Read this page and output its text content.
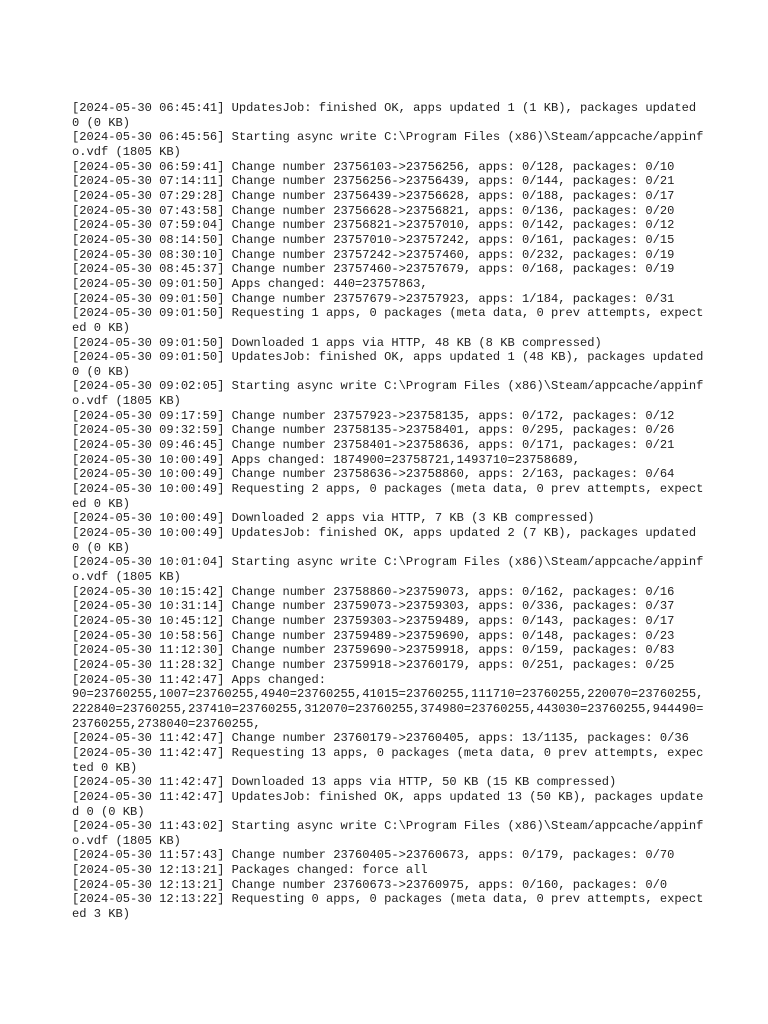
[2024-05-30 06:45:41] UpdatesJob: finished OK, apps updated 1 (1 KB), packages updated 0 (0 KB)

[2024-05-30 06:45:56] Starting async write C:\Program Files (x86)\Steam/appcache/appinfo.vdf (1805 KB)

[2024-05-30 06:59:41] Change number 23756103->23756256, apps: 0/128, packages: 0/10

[2024-05-30 07:14:11] Change number 23756256->23756439, apps: 0/144, packages: 0/21

[2024-05-30 07:29:28] Change number 23756439->23756628, apps: 0/188, packages: 0/17

[2024-05-30 07:43:58] Change number 23756628->23756821, apps: 0/136, packages: 0/20

[2024-05-30 07:59:04] Change number 23756821->23757010, apps: 0/142, packages: 0/12

[2024-05-30 08:14:50] Change number 23757010->23757242, apps: 0/161, packages: 0/15

[2024-05-30 08:30:10] Change number 23757242->23757460, apps: 0/232, packages: 0/19

[2024-05-30 08:45:37] Change number 23757460->23757679, apps: 0/168, packages: 0/19

[2024-05-30 09:01:50] Apps changed: 440=23757863,

[2024-05-30 09:01:50] Change number 23757679->23757923, apps: 1/184, packages: 0/31

[2024-05-30 09:01:50] Requesting 1 apps, 0 packages (meta data, 0 prev attempts, expected 0 KB)

[2024-05-30 09:01:50] Downloaded 1 apps via HTTP, 48 KB (8 KB compressed)

[2024-05-30 09:01:50] UpdatesJob: finished OK, apps updated 1 (48 KB), packages updated 0 (0 KB)

[2024-05-30 09:02:05] Starting async write C:\Program Files (x86)\Steam/appcache/appinfo.vdf (1805 KB)

[2024-05-30 09:17:59] Change number 23757923->23758135, apps: 0/172, packages: 0/12

[2024-05-30 09:32:59] Change number 23758135->23758401, apps: 0/295, packages: 0/26

[2024-05-30 09:46:45] Change number 23758401->23758636, apps: 0/171, packages: 0/21

[2024-05-30 10:00:49] Apps changed: 1874900=23758721,1493710=23758689,

[2024-05-30 10:00:49] Change number 23758636->23758860, apps: 2/163, packages: 0/64

[2024-05-30 10:00:49] Requesting 2 apps, 0 packages (meta data, 0 prev attempts, expected 0 KB)

[2024-05-30 10:00:49] Downloaded 2 apps via HTTP, 7 KB (3 KB compressed)

[2024-05-30 10:00:49] UpdatesJob: finished OK, apps updated 2 (7 KB), packages updated 0 (0 KB)

[2024-05-30 10:01:04] Starting async write C:\Program Files (x86)\Steam/appcache/appinfo.vdf (1805 KB)

[2024-05-30 10:15:42] Change number 23758860->23759073, apps: 0/162, packages: 0/16

[2024-05-30 10:31:14] Change number 23759073->23759303, apps: 0/336, packages: 0/37

[2024-05-30 10:45:12] Change number 23759303->23759489, apps: 0/143, packages: 0/17

[2024-05-30 10:58:56] Change number 23759489->23759690, apps: 0/148, packages: 0/23

[2024-05-30 11:12:30] Change number 23759690->23759918, apps: 0/159, packages: 0/83

[2024-05-30 11:28:32] Change number 23759918->23760179, apps: 0/251, packages: 0/25

[2024-05-30 11:42:47] Apps changed:

90=23760255,1007=23760255,4940=23760255,41015=23760255,111710=23760255,220070=23760255,222840=23760255,237410=23760255,312070=23760255,374980=23760255,443030=23760255,944490=23760255,2738040=23760255,

[2024-05-30 11:42:47] Change number 23760179->23760405, apps: 13/1135, packages: 0/36

[2024-05-30 11:42:47] Requesting 13 apps, 0 packages (meta data, 0 prev attempts, expected 0 KB)

[2024-05-30 11:42:47] Downloaded 13 apps via HTTP, 50 KB (15 KB compressed)

[2024-05-30 11:42:47] UpdatesJob: finished OK, apps updated 13 (50 KB), packages updated 0 (0 KB)

[2024-05-30 11:43:02] Starting async write C:\Program Files (x86)\Steam/appcache/appinfo.vdf (1805 KB)

[2024-05-30 11:57:43] Change number 23760405->23760673, apps: 0/179, packages: 0/70

[2024-05-30 12:13:21] Packages changed: force all

[2024-05-30 12:13:21] Change number 23760673->23760975, apps: 0/160, packages: 0/0

[2024-05-30 12:13:22] Requesting 0 apps, 0 packages (meta data, 0 prev attempts, expected 3 KB)
